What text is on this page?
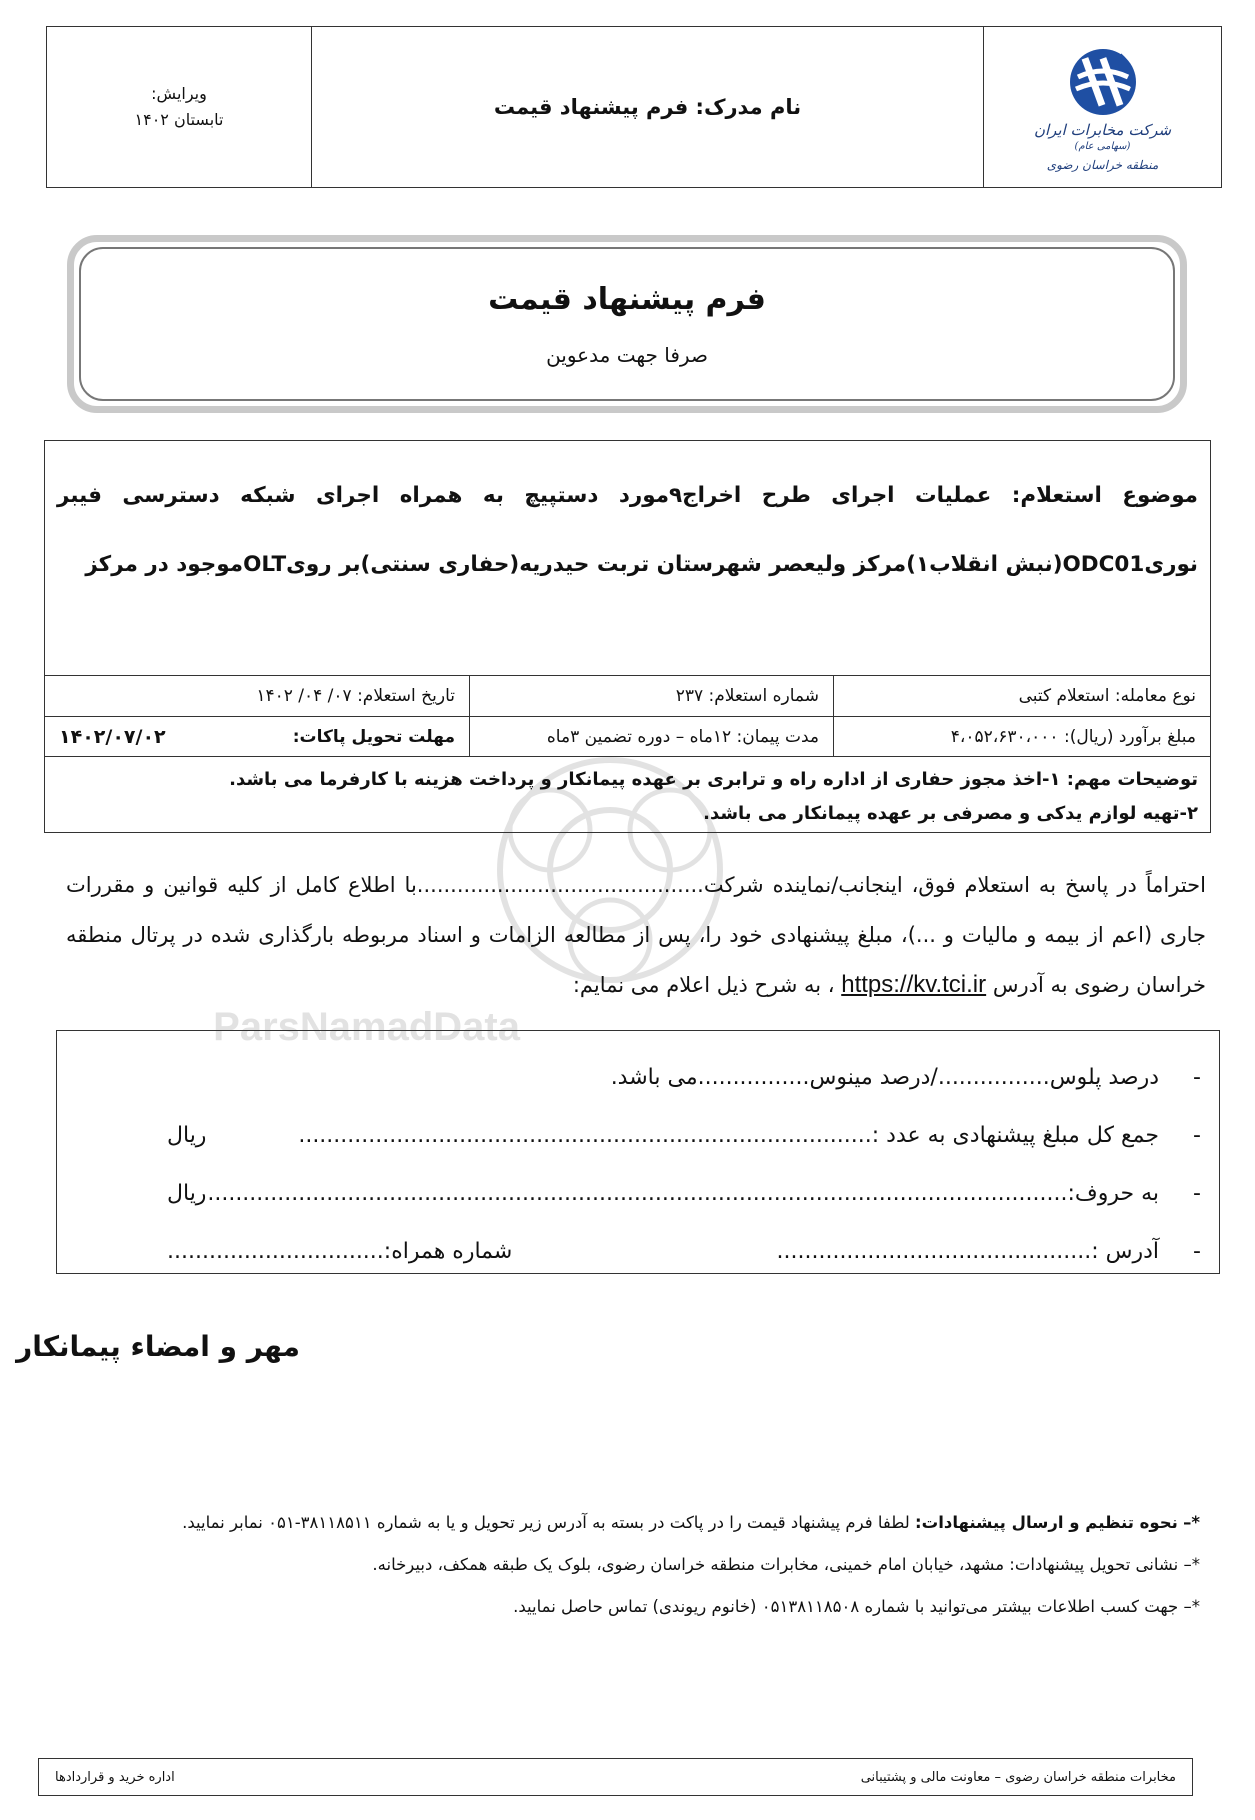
شرکت مخابرات ایران
(سهامی عام)
منطقه خراسان رضوی
نام مدرک: فرم پیشنهاد قیمت
ویرایش:
تابستان ۱۴۰۲
فرم پیشنهاد قیمت
صرفا جهت مدعوین
ParsNamadData
موضوع استعلام: عملیات اجرای طرح اخراج۹مورد دستپیچ به همراه اجرای شبکه دسترسی فیبر نوریODC01(نبش انقلاب۱)مرکز ولیعصر شهرستان تربت حیدریه(حفاری سنتی)بر رویOLTموجود در مرکز
نوع معامله: استعلام کتبی
شماره استعلام: ۲۳۷
تاریخ استعلام: ۰۷/ ۰۴/ ۱۴۰۲
مبلغ برآورد (ریال): ۴،۰۵۲،۶۳۰،۰۰۰
مدت پیمان: ۱۲ماه – دوره تضمین ۳ماه
مهلت تحویل پاکات:
۱۴۰۲/۰۷/۰۲
توضیحات مهم: ۱-اخذ مجوز حفاری از اداره راه و ترابری بر عهده پیمانکار و پرداخت هزینه با کارفرما می باشد.
۲-تهیه لوازم یدکی و مصرفی بر عهده پیمانکار می باشد.
احتراماً در پاسخ به استعلام فوق، اینجانب/نماینده شرکت...........................................با اطلاع کامل از کلیه قوانین و مقررات جاری (اعم از بیمه و مالیات و ...)، مبلغ پیشنهادی خود را، پس از مطالعه الزامات و اسناد مربوطه بارگذاری شده در پرتال منطقه خراسان رضوی به آدرس https://kv.tci.ir ، به شرح ذیل اعلام می نمایم:
-
درصد پلوس................/درصد مینوس................می باشد.
-
جمع کل مبلغ پیشنهادی به عدد :..................................................................................
ریال
-
به حروف:...........................................................................................................................
ریال
-
آدرس :.............................................
شماره همراه:...............................
مهر و امضاء پیمانکار
*– نحوه تنظیم و ارسال پیشنهادات: لطفا فرم پیشنهاد قیمت را در پاکت در بسته به آدرس زیر تحویل و یا به شماره ۳۸۱۱۸۵۱۱-۰۵۱ نمابر نمایید.
*– نشانی تحویل پیشنهادات: مشهد، خیابان امام خمینی، مخابرات منطقه خراسان رضوی، بلوک یک طبقه همکف، دبیرخانه.
*– جهت کسب اطلاعات بیشتر می‌توانید با شماره ۰۵۱۳۸۱۱۸۵۰۸ (خانوم ریوندی) تماس حاصل نمایید.
مخابرات منطقه خراسان رضوی – معاونت مالی و پشتیبانی
اداره خرید و قراردادها
